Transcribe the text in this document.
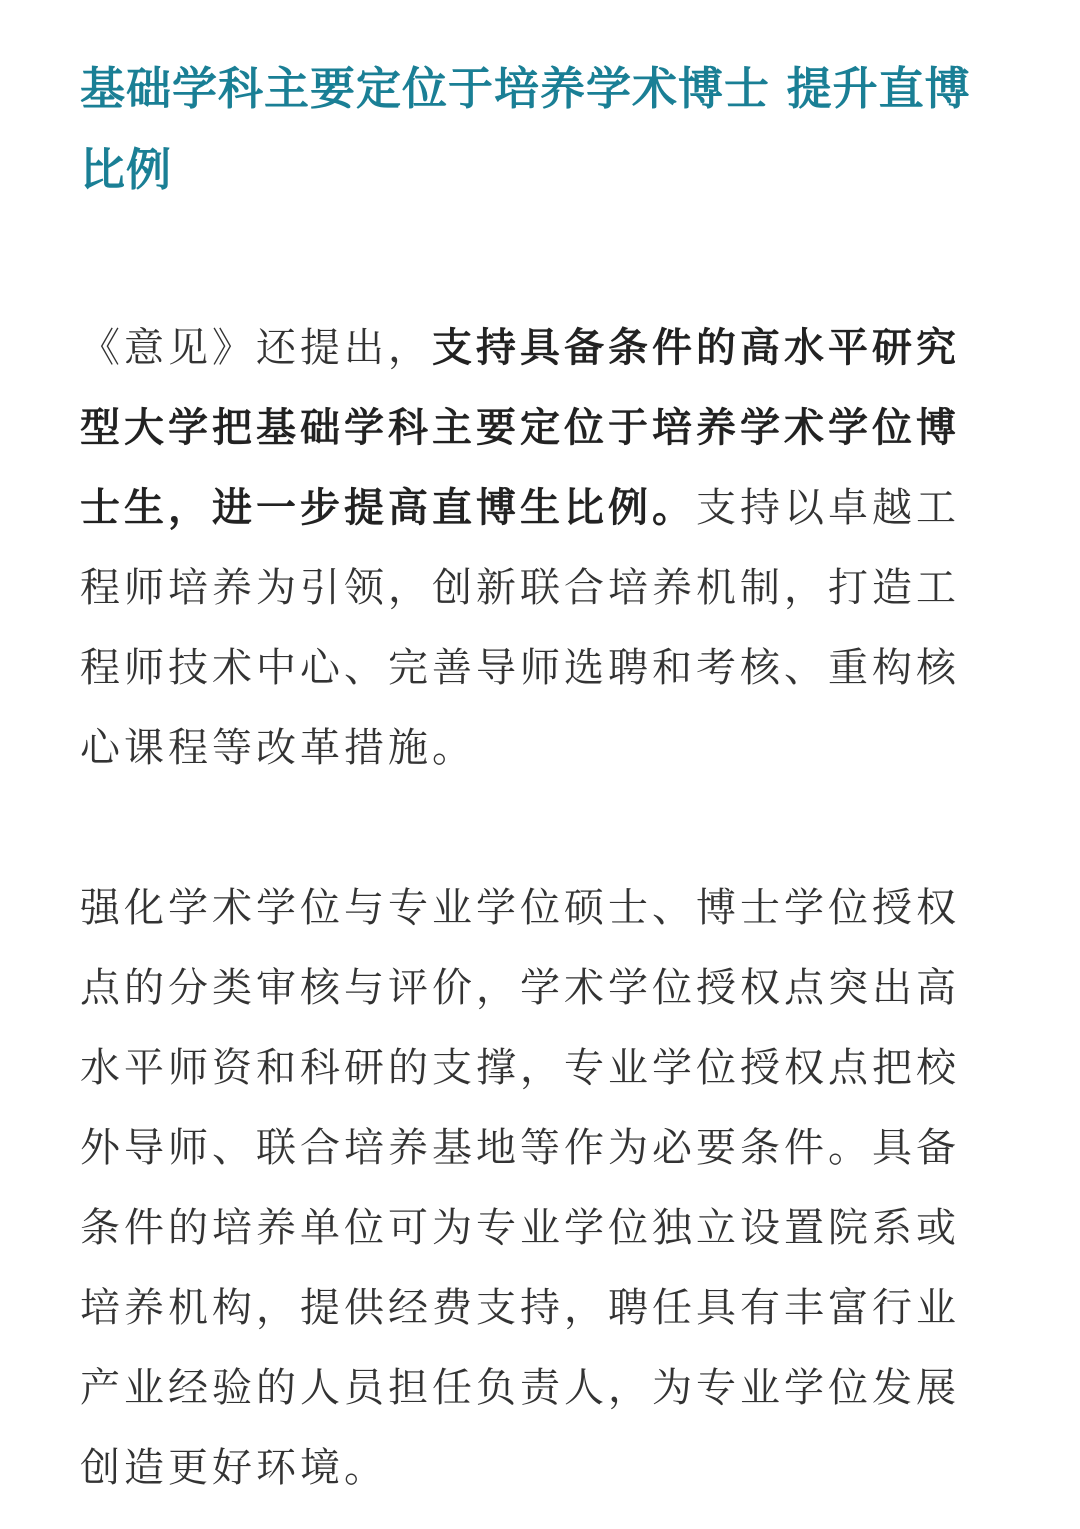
基础学科主要定位于培养学术博士 提升直博比例

《意见》还提出，支持具备条件的高水平研究型大学把基础学科主要定位于培养学术学位博士生，进一步提高直博生比例。支持以卓越工程师培养为引领，创新联合培养机制，打造工程师技术中心、完善导师选聘和考核、重构核心课程等改革措施。

强化学术学位与专业学位硕士、博士学位授权点的分类审核与评价，学术学位授权点突出高水平师资和科研的支撑，专业学位授权点把校外导师、联合培养基地等作为必要条件。具备条件的培养单位可为专业学位独立设置院系或培养机构，提供经费支持，聘任具有丰富行业产业经验的人员担任负责人，为专业学位发展创造更好环境。
